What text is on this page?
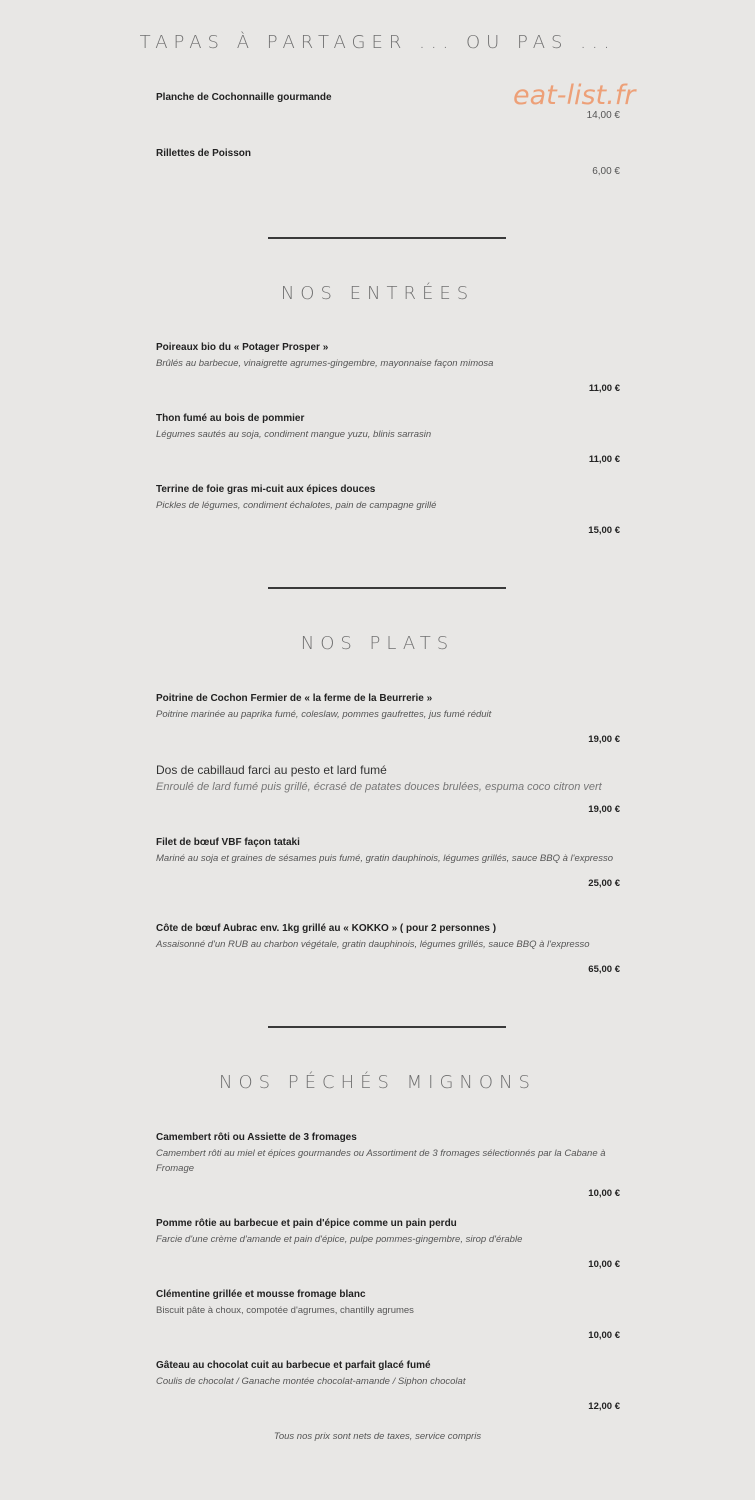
TAPAS À PARTAGER ... OU PAS ...
eat-list.fr
Planche de Cochonnaille gourmande
14,00 €
Rillettes de Poisson
6,00 €
NOS ENTRÉES
Poireaux bio du « Potager Prosper »
Brûlés au barbecue, vinaigrette agrumes-gingembre, mayonnaise façon mimosa
11,00 €
Thon fumé au bois de pommier
Légumes sautés au soja, condiment mangue yuzu, blinis sarrasin
11,00 €
Terrine de foie gras mi-cuit aux épices douces
Pickles de légumes, condiment échalotes, pain de campagne grillé
15,00 €
NOS PLATS
Poitrine de Cochon Fermier de « la ferme de la Beurrerie »
Poitrine marinée au paprika fumé, coleslaw, pommes gaufrettes, jus fumé réduit
19,00 €
Dos de cabillaud farci au pesto et lard fumé
Enroulé de lard fumé puis grillé, écrasé de patates douces brulées, espuma coco citron vert
19,00 €
Filet de bœuf VBF façon tataki
Mariné au soja et graines de sésames puis fumé, gratin dauphinois, légumes grillés, sauce BBQ à l'expresso
25,00 €
Côte de bœuf Aubrac env. 1kg grillé au « KOKKO » ( pour 2 personnes )
Assaisonné d'un RUB au charbon végétale, gratin dauphinois, légumes grillés, sauce BBQ à l'expresso
65,00 €
NOS PÉCHÉS MIGNONS
Camembert rôti ou Assiette de 3 fromages
Camembert rôti au miel et épices gourmandes ou Assortiment de 3 fromages sélectionnés par la Cabane à Fromage
10,00 €
Pomme rôtie au barbecue et pain d'épice comme un pain perdu
Farcie d'une crème d'amande et pain d'épice, pulpe pommes-gingembre, sirop d'érable
10,00 €
Clémentine grillée et mousse fromage blanc
Biscuit pâte à choux, compotée d'agrumes, chantilly agrumes
10,00 €
Gâteau au chocolat cuit au barbecue et parfait glacé fumé
Coulis de chocolat / Ganache montée chocolat-amande / Siphon chocolat
12,00 €
Tous nos prix sont nets de taxes, service compris
